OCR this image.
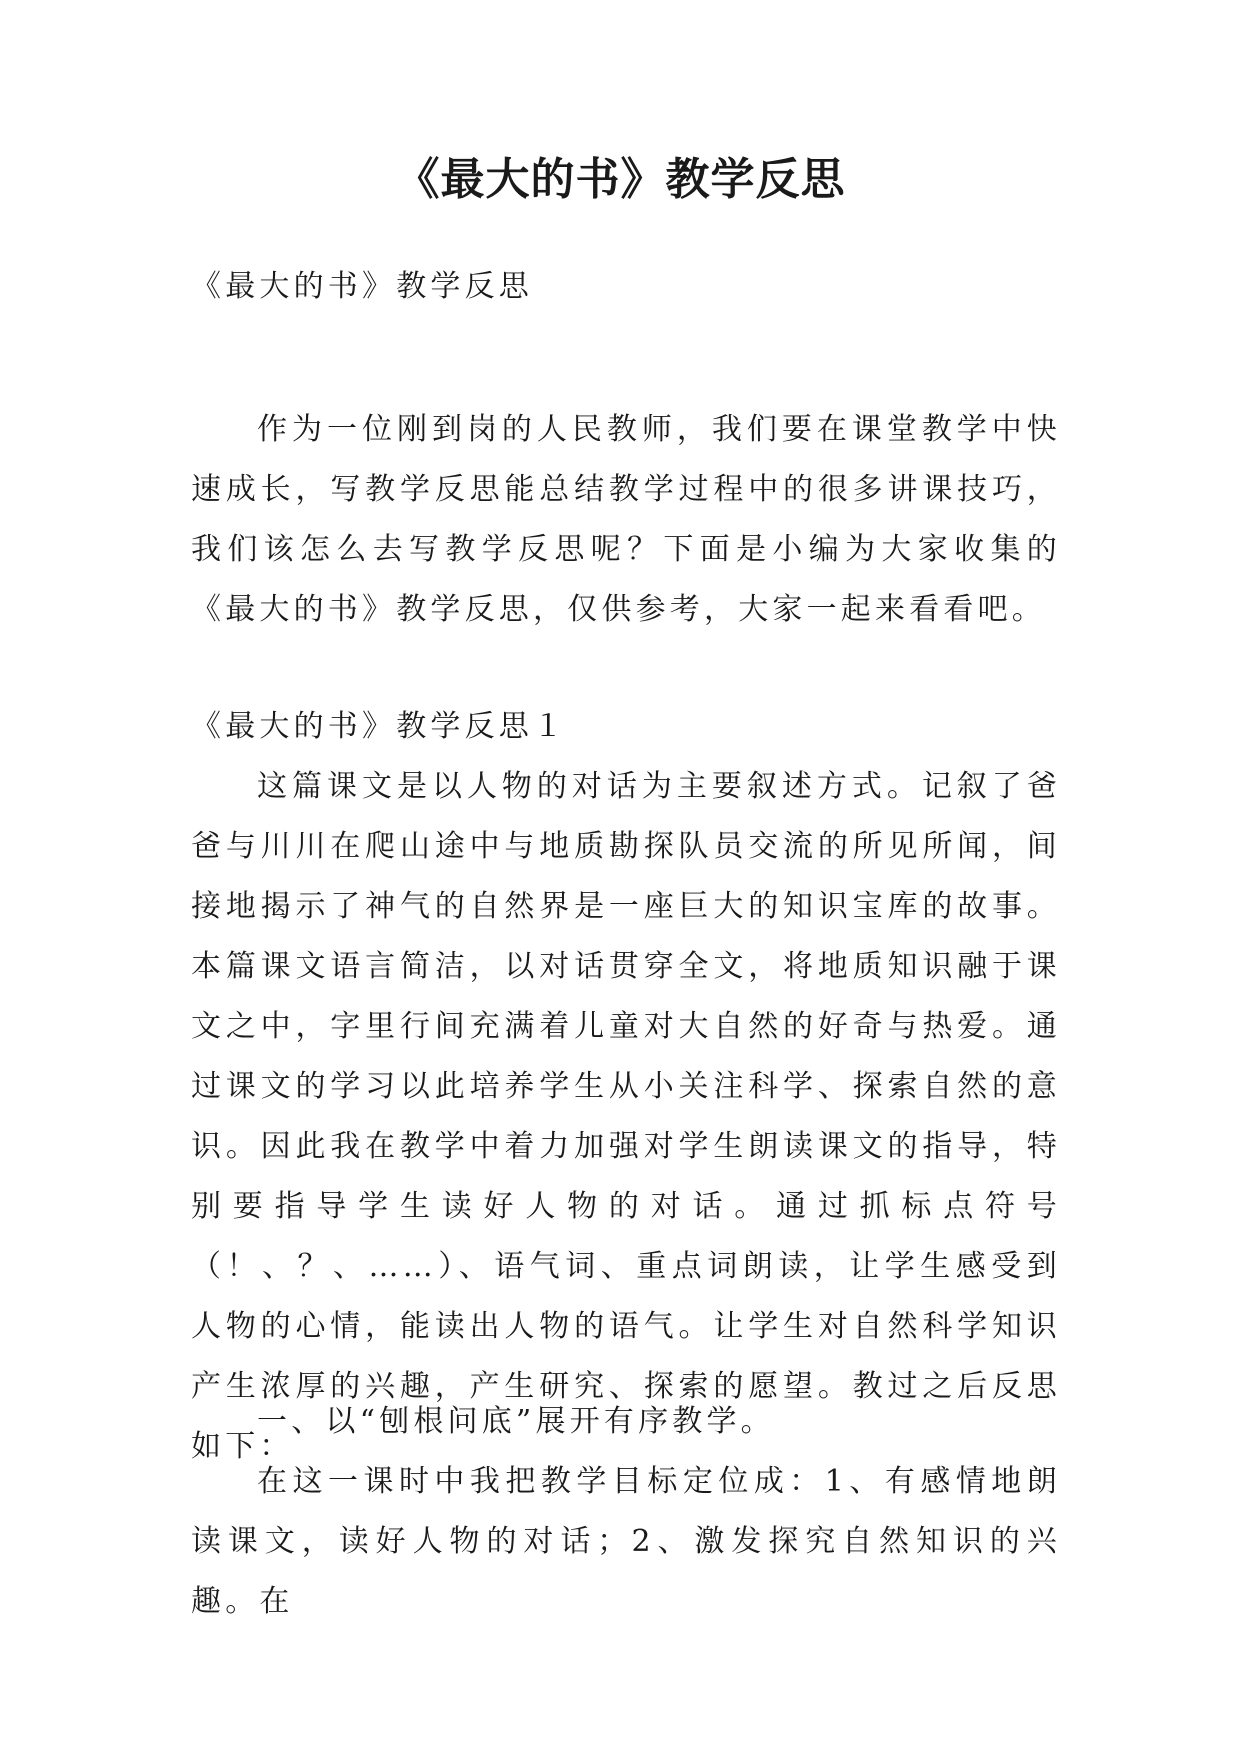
《最大的书》教学反思

《最大的书》教学反思

作为一位刚到岗的人民教师，我们要在课堂教学中快速成长，写教学反思能总结教学过程中的很多讲课技巧，我们该怎么去写教学反思呢？下面是小编为大家收集的《最大的书》教学反思，仅供参考，大家一起来看看吧。

《最大的书》教学反思１

这篇课文是以人物的对话为主要叙述方式。记叙了爸爸与川川在爬山途中与地质勘探队员交流的所见所闻，间接地揭示了神气的自然界是一座巨大的知识宝库的故事。本篇课文语言简洁，以对话贯穿全文，将地质知识融于课文之中，字里行间充满着儿童对大自然的好奇与热爱。通过课文的学习以此培养学生从小关注科学、探索自然的意识。因此我在教学中着力加强对学生朗读课文的指导，特别要指导学生读好人物的对话。通过抓标点符号（！、？、……）、语气词、重点词朗读，让学生感受到人物的心情，能读出人物的语气。让学生对自然科学知识产生浓厚的兴趣，产生研究、探索的愿望。教过之后反思如下：

一、以“刨根问底”展开有序教学。

在这一课时中我把教学目标定位成：1、有感情地朗读课文，读好人物的对话；2、激发探究自然知识的兴趣。在
